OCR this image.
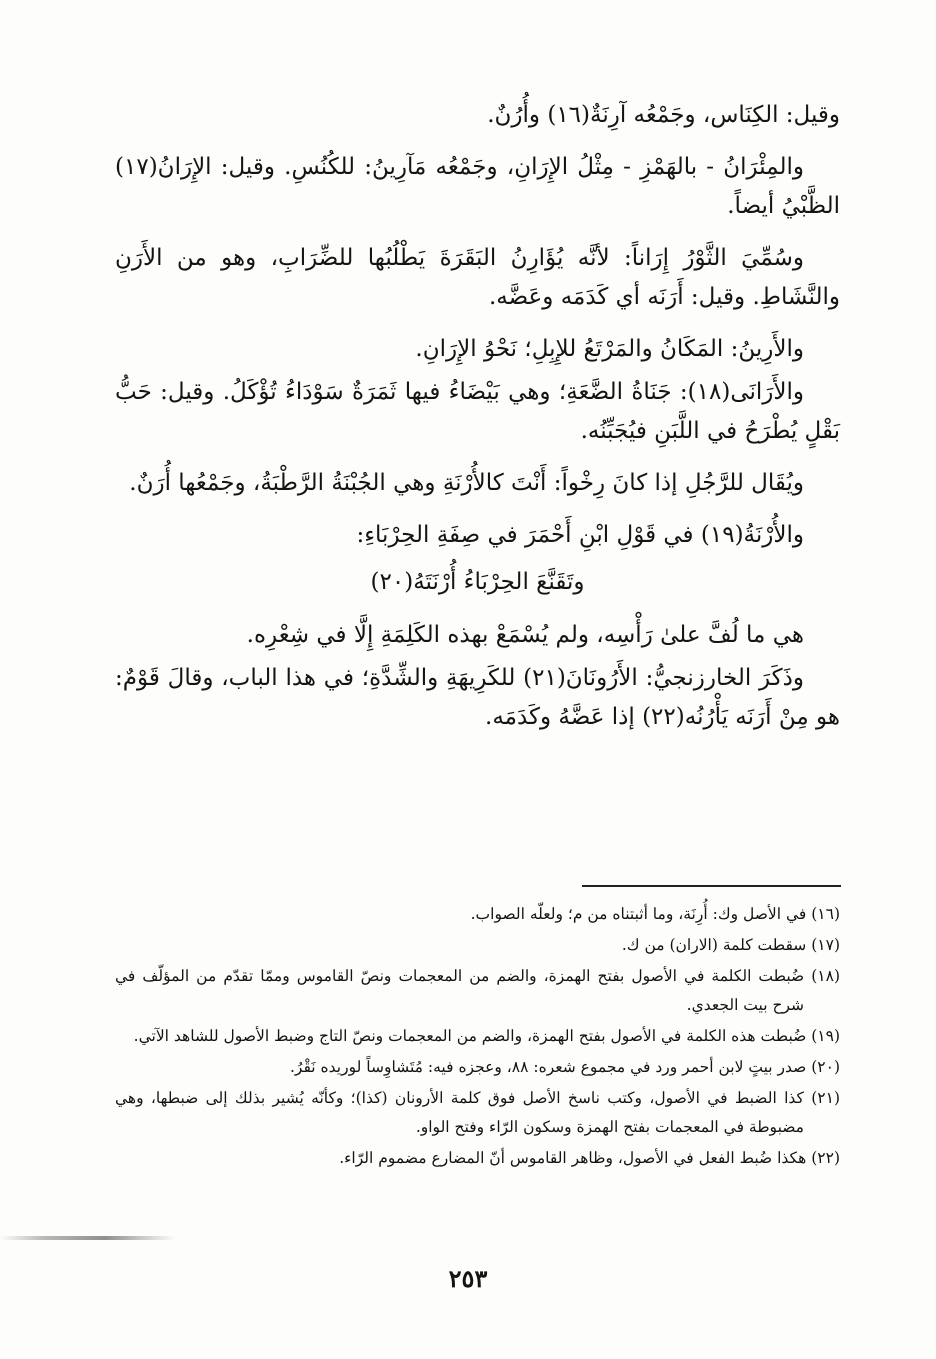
وقيل: الكِنَاس، وجَمْعُه آرِنَةٌ(١٦) وأُرُنٌ.

والمِئْرَانُ - بالهَمْزِ - مِثْلُ الإِرَانِ، وجَمْعُه مَآرِينُ: للكُنُسِ. وقيل: الإِرَانُ(١٧) الظَّبْيُ أيضاً.

وسُمِّيَ الثَّوْرُ إِرَاناً: لأنَّه يُؤَارِنُ البَقَرَةَ يَطْلُبُها للضِّرَابِ، وهو من الأَرَنِ والنَّشَاطِ. وقيل: أَرَنَه أي كَدَمَه وعَضَّه.

والأَرِينُ: المَكَانُ والمَرْتَعُ للإِبِلِ؛ نَحْوُ الإِرَانِ.

والأَرَانَى(١٨): جَنَاةُ الضَّعَةِ؛ وهي بَيْضَاءُ فيها ثَمَرَةٌ سَوْدَاءُ تُؤْكَلُ. وقيل: حَبُّ بَقْلٍ يُطْرَحُ في اللَّبَنِ فيُجَبِّنُه.

ويُقَال للرَّجُلِ إذا كانَ رِخْواً: أَنْتَ كالأُرْنَةِ وهي الجُبْنَةُ الرَّطْبَةُ، وجَمْعُها أُرَنٌ.

والأُرْنَةُ(١٩) في قَوْلِ ابْنِ أَحْمَرَ في صِفَةِ الحِرْبَاءِ:

وتَقَنَّعَ الحِرْبَاءُ أُرْنَتَهُ(٢٠)

هي ما لُفَّ علىٰ رَأْسِه، ولم يُسْمَعْ بهذه الكَلِمَةِ إِلَّا في شِعْرِه.

وذَكَرَ الخارزنجيُّ: الأَرُونَانَ(٢١) للكَرِيهَةِ والشِّدَّةِ؛ في هذا الباب، وقالَ قَوْمٌ: هو مِنْ أَرَنَه يَأْرُنُه(٢٢) إذا عَضَّهُ وكَدَمَه.

(١٦) في الأصل وك: أُرِنَة، وما أثبتناه من م؛ ولعلّه الصواب.

(١٧) سقطت كلمة (الاران) من ك.

(١٨) ضُبطت الكلمة في الأصول بفتح الهمزة، والضم من المعجمات ونصّ القاموس وممّا تقدّم من المؤلّف في شرح بيت الجعدي.

(١٩) ضُبطت هذه الكلمة في الأصول بفتح الهمزة، والضم من المعجمات ونصّ التاج وضبط الأصول للشاهد الآتي.

(٢٠) صدر بيتٍ لابن أحمر ورد في مجموع شعره: ٨٨، وعجزه فيه: مُتَشاوِساً لوريده نَقْرُ.

(٢١) كذا الضبط في الأصول، وكتب ناسخ الأصل فوق كلمة الأرونان (كذا)؛ وكأنّه يُشير بذلك إلى ضبطها، وهي مضبوطة في المعجمات بفتح الهمزة وسكون الرّاء وفتح الواو.

(٢٢) هكذا ضُبط الفعل في الأصول، وظاهر القاموس أنّ المضارع مضموم الرّاء.

٢٥٣
